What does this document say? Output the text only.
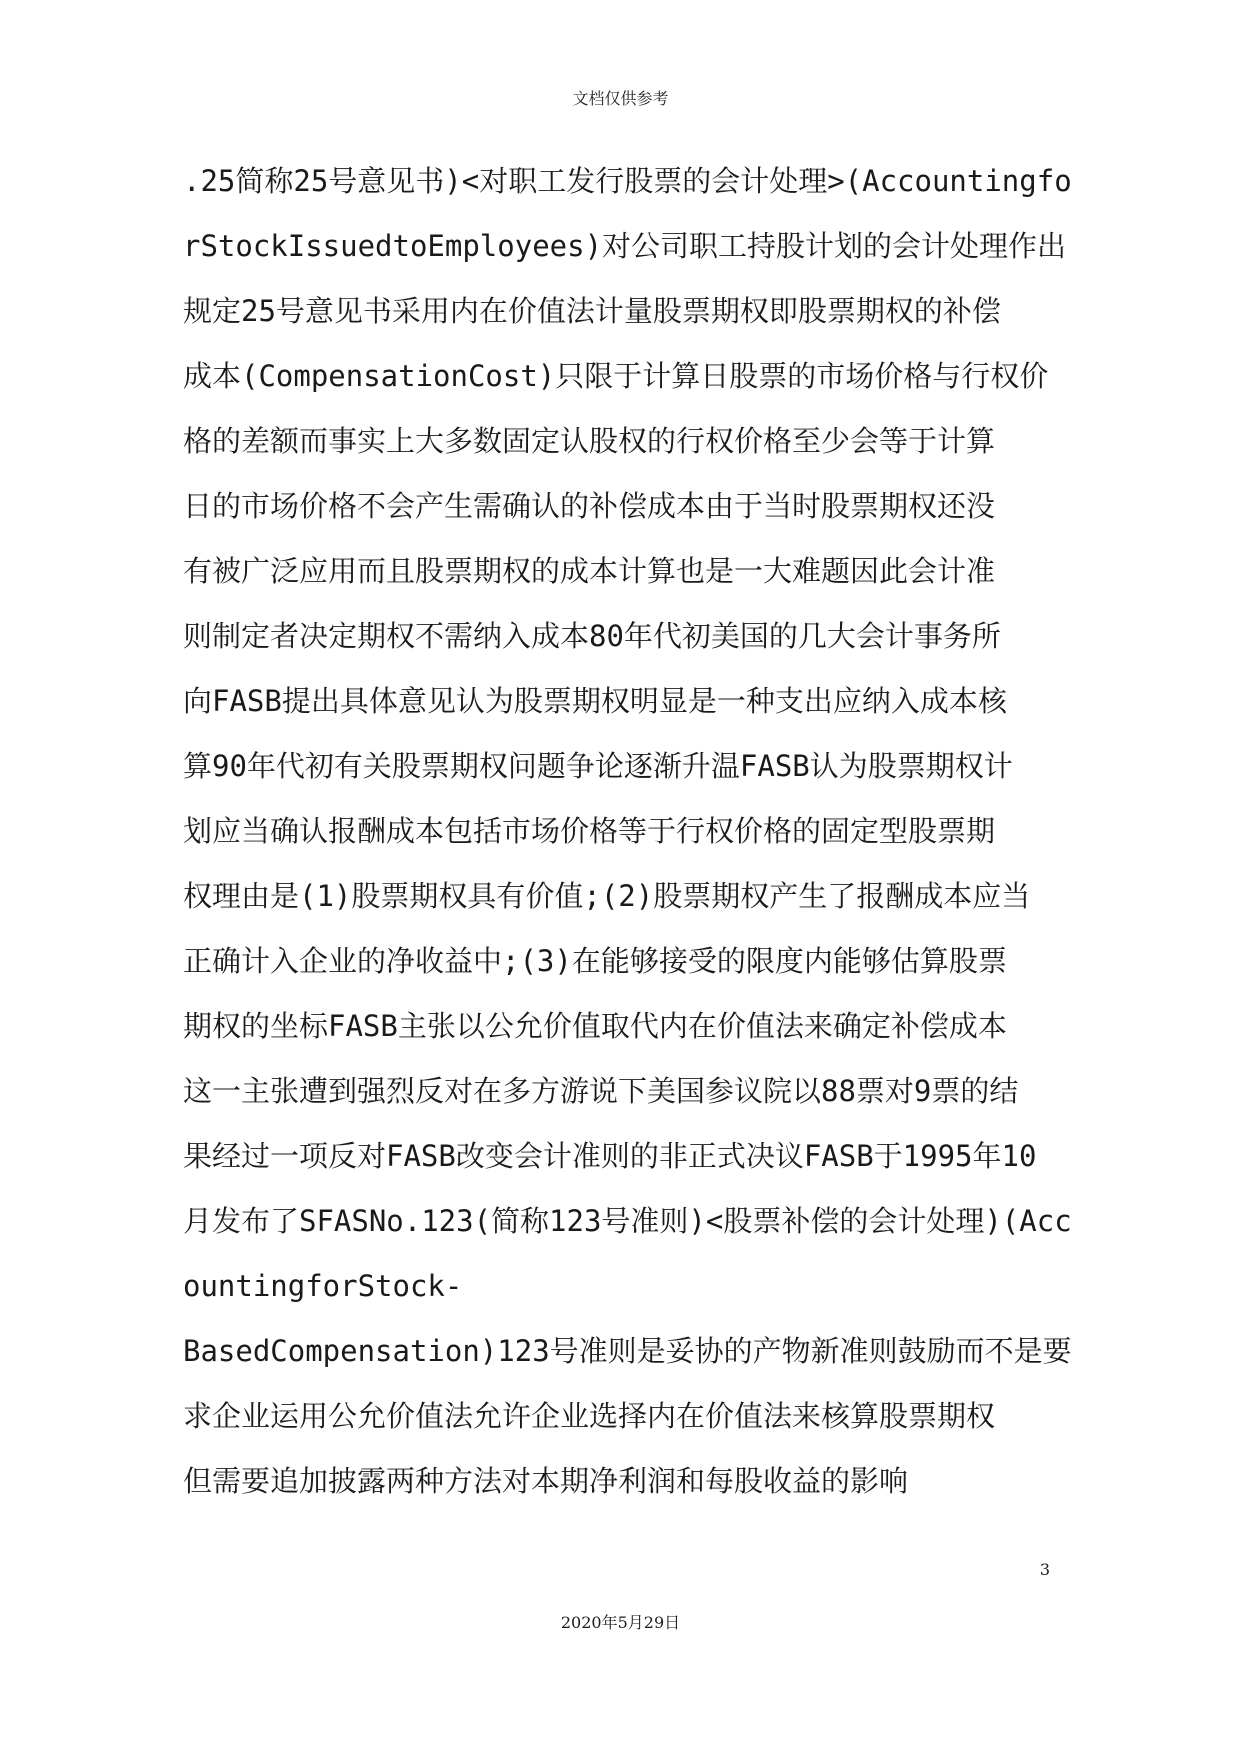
文档仅供参考
.25简称25号意见书)<对职工发行股票的会计处理>(Accountingfo
rStockIssuedtoEmployees)对公司职工持股计划的会计处理作出
规定25号意见书采用内在价值法计量股票期权即股票期权的补偿
成本(CompensationCost)只限于计算日股票的市场价格与行权价
格的差额而事实上大多数固定认股权的行权价格至少会等于计算
日的市场价格不会产生需确认的补偿成本由于当时股票期权还没
有被广泛应用而且股票期权的成本计算也是一大难题因此会计准
则制定者决定期权不需纳入成本80年代初美国的几大会计事务所
向FASB提出具体意见认为股票期权明显是一种支出应纳入成本核
算90年代初有关股票期权问题争论逐渐升温FASB认为股票期权计
划应当确认报酬成本包括市场价格等于行权价格的固定型股票期
权理由是(1)股票期权具有价值;(2)股票期权产生了报酬成本应当
正确计入企业的净收益中;(3)在能够接受的限度内能够估算股票
期权的坐标FASB主张以公允价值取代内在价值法来确定补偿成本
这一主张遭到强烈反对在多方游说下美国参议院以88票对9票的结
果经过一项反对FASB改变会计准则的非正式决议FASB于1995年10
月发布了SFASNo.123(简称123号准则)<股票补偿的会计处理)(Acc
ountingforStock-
BasedCompensation)123号准则是妥协的产物新准则鼓励而不是要
求企业运用公允价值法允许企业选择内在价值法来核算股票期权
但需要追加披露两种方法对本期净利润和每股收益的影响
3
2020年5月29日
